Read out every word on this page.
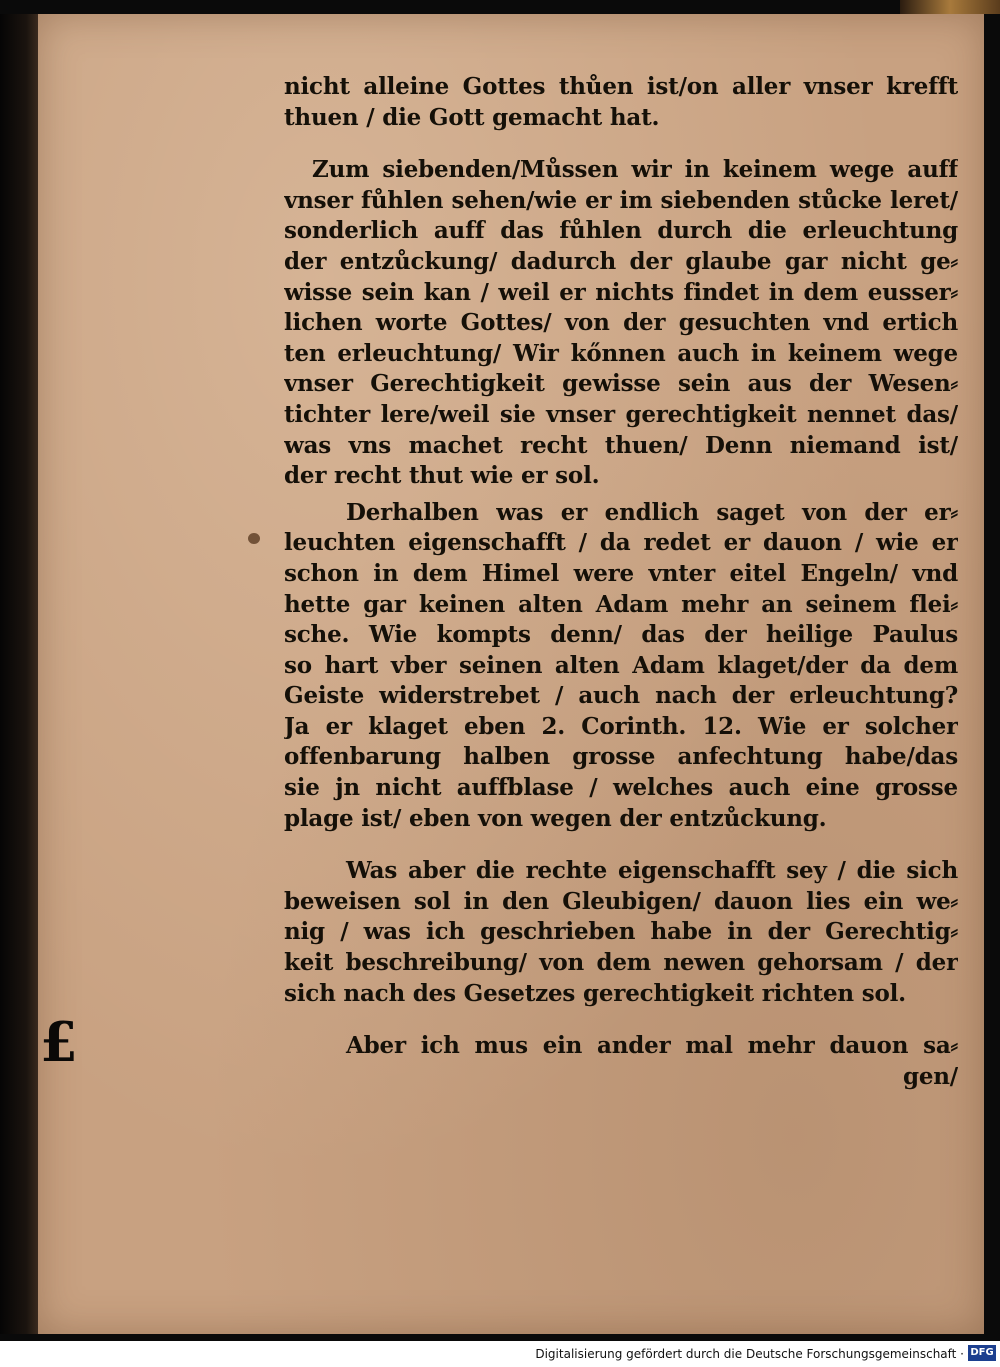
£
nicht alleine Gottes thůen ist/on aller vnser krefft
thuen / die Gott gemacht hat.
Zum siebenden/Můssen wir in keinem wege auff
vnser fůhlen sehen/wie er im siebenden stůcke leret/
sonderlich auff das fůhlen durch die erleuchtung
der entzůckung/ dadurch der glaube gar nicht ge⸗
wisse sein kan / weil er nichts findet in dem eusser⸗
lichen worte Gottes/ von der gesuchten vnd ertich
ten erleuchtung/ Wir kőnnen auch in keinem wege
vnser Gerechtigkeit gewisse sein aus der Wesen⸗
tichter lere/weil sie vnser gerechtigkeit nennet das/
was vns machet recht thuen/ Denn niemand ist/
der recht thut wie er sol.
Derhalben was er endlich saget von der er⸗
leuchten eigenschafft / da redet er dauon / wie er
schon in dem Himel were vnter eitel Engeln/ vnd
hette gar keinen alten Adam mehr an seinem flei⸗
sche. Wie kompts denn/ das der heilige Paulus
so hart vber seinen alten Adam klaget/der da dem
Geiste widerstrebet / auch nach der erleuchtung?
Ja er klaget eben 2. Corinth. 12. Wie er solcher
offenbarung halben grosse anfechtung habe/das
sie jn nicht auffblase / welches auch eine grosse
plage ist/ eben von wegen der entzůckung.
Was aber die rechte eigenschafft sey / die sich
beweisen sol in den Gleubigen/ dauon lies ein we⸗
nig / was ich geschrieben habe in der Gerechtig⸗
keit beschreibung/ von dem newen gehorsam / der
sich nach des Gesetzes gerechtigkeit richten sol.
Aber ich mus ein ander mal mehr dauon sa⸗
gen/
Digitalisierung gefördert durch die Deutsche Forschungsgemeinschaft · DFG
